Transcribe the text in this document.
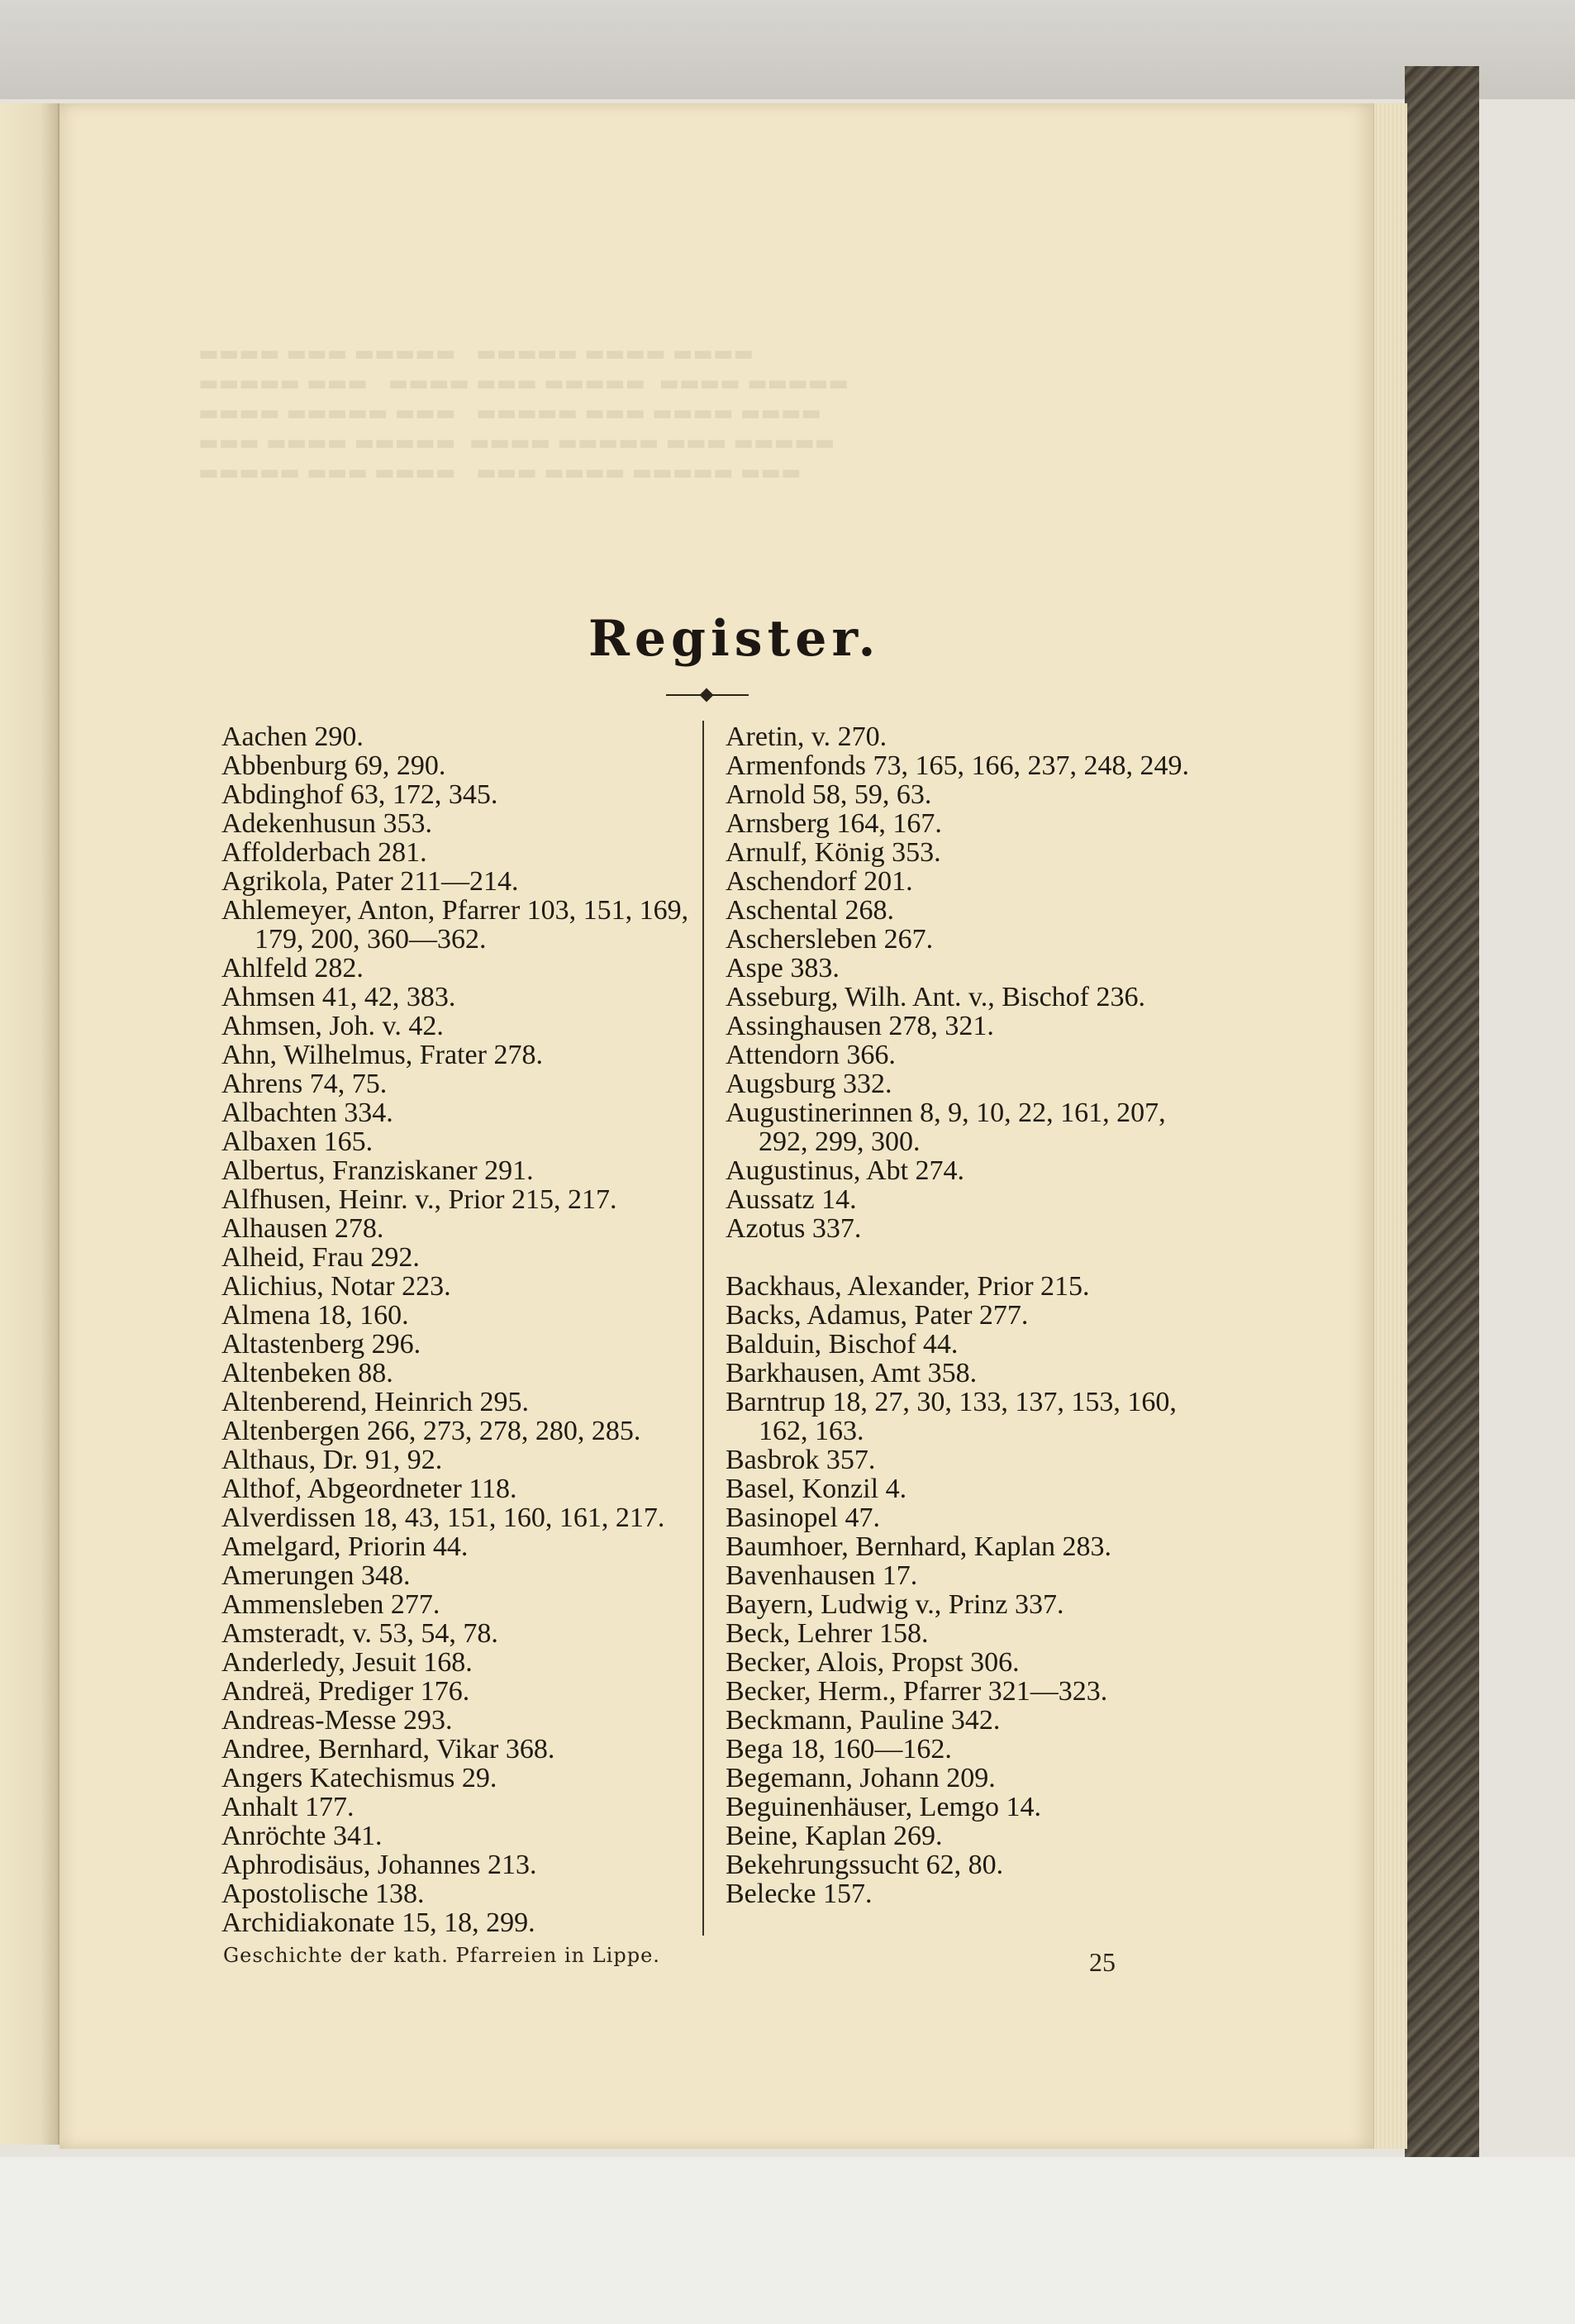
Register.
Aachen 290.
Abbenburg 69, 290.
Abdinghof 63, 172, 345.
Adekenhusun 353.
Affolderbach 281.
Agrikola, Pater 211—214.
Ahlemeyer, Anton, Pfarrer 103, 151, 169, 179, 200, 360—362.
Ahlfeld 282.
Ahmsen 41, 42, 383.
Ahmsen, Joh. v. 42.
Ahn, Wilhelmus, Frater 278.
Ahrens 74, 75.
Albachten 334.
Albaxen 165.
Albertus, Franziskaner 291.
Alfhusen, Heinr. v., Prior 215, 217.
Alhausen 278.
Alheid, Frau 292.
Alichius, Notar 223.
Almena 18, 160.
Altastenberg 296.
Altenbeken 88.
Altenberend, Heinrich 295.
Altenbergen 266, 273, 278, 280, 285.
Althaus, Dr. 91, 92.
Althof, Abgeordneter 118.
Alverdissen 18, 43, 151, 160, 161, 217.
Amelgard, Priorin 44.
Amerungen 348.
Ammensleben 277.
Amsteradt, v. 53, 54, 78.
Anderledy, Jesuit 168.
Andreä, Prediger 176.
Andreas-Messe 293.
Andree, Bernhard, Vikar 368.
Angers Katechismus 29.
Anhalt 177.
Anröchte 341.
Aphrodisäus, Johannes 213.
Apostolische 138.
Archidiakonate 15, 18, 299.
Aretin, v. 270.
Armenfonds 73, 165, 166, 237, 248, 249.
Arnold 58, 59, 63.
Arnsberg 164, 167.
Arnulf, König 353.
Aschendorf 201.
Aschental 268.
Aschersleben 267.
Aspe 383.
Asseburg, Wilh. Ant. v., Bischof 236.
Assinghausen 278, 321.
Attendorn 366.
Augsburg 332.
Augustinerinnen 8, 9, 10, 22, 161, 207, 292, 299, 300.
Augustinus, Abt 274.
Aussatz 14.
Azotus 337.
Backhaus, Alexander, Prior 215.
Backs, Adamus, Pater 277.
Balduin, Bischof 44.
Barkhausen, Amt 358.
Barntrup 18, 27, 30, 133, 137, 153, 160, 162, 163.
Basbrok 357.
Basel, Konzil 4.
Basinopel 47.
Baumhoer, Bernhard, Kaplan 283.
Bavenhausen 17.
Bayern, Ludwig v., Prinz 337.
Beck, Lehrer 158.
Becker, Alois, Propst 306.
Becker, Herm., Pfarrer 321—323.
Beckmann, Pauline 342.
Bega 18, 160—162.
Begemann, Johann 209.
Beguinenhäuser, Lemgo 14.
Beine, Kaplan 269.
Bekehrungssucht 62, 80.
Belecke 157.
Geschichte der kath. Pfarreien in Lippe.	25
